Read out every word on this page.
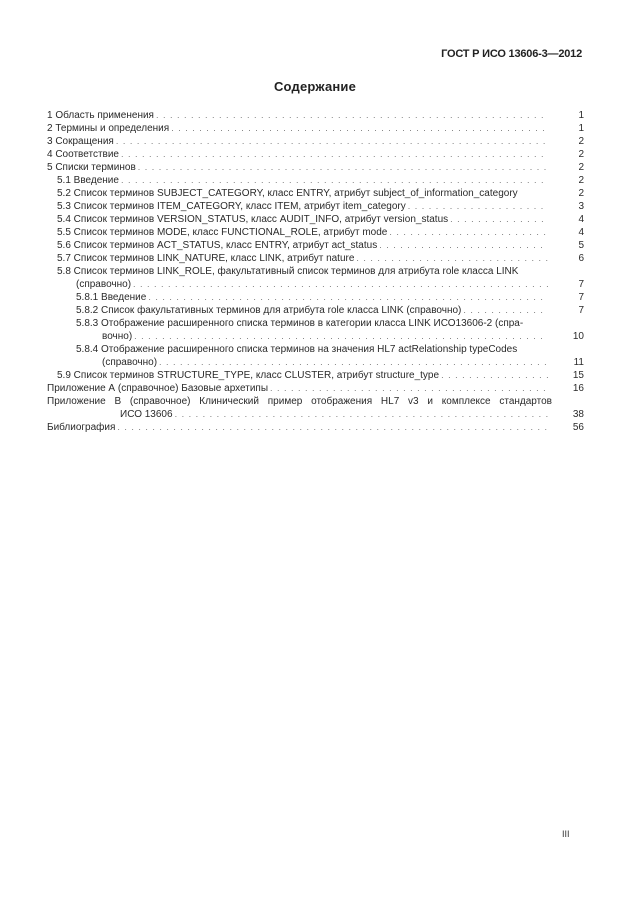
ГОСТ Р ИСО 13606-3—2012
Содержание
1 Область применения . . .	1
2 Термины и определения . . .	1
3 Сокращения . . .	2
4 Соответствие . . .	2
5 Списки терминов . . .	2
5.1 Введение . . .	2
5.2 Список терминов SUBJECT_CATEGORY, класс ENTRY, атрибут subject_of_information_category	2
5.3 Список терминов ITEM_CATEGORY, класс ITEM, атрибут item_category . . .	3
5.4 Список терминов VERSION_STATUS, класс AUDIT_INFO, атрибут version_status . . .	4
5.5 Список терминов MODE, класс FUNCTIONAL_ROLE, атрибут mode . . .	4
5.6 Список терминов ACT_STATUS, класс ENTRY, атрибут act_status . . .	5
5.7 Список терминов LINK_NATURE, класс LINK, атрибут nature . . .	6
5.8 Список терминов LINK_ROLE, факультативный список терминов для атрибута role класса LINK
(справочно) . . .	7
5.8.1 Введение . . .	7
5.8.2 Список факультативных терминов для атрибута role класса LINK (справочно) . . .	7
5.8.3 Отображение расширенного списка терминов в категории класса LINK ИСО13606-2 (спра-
вочно) . . .	10
5.8.4 Отображение расширенного списка терминов на значения HL7 actRelationship typeCodes
(справочно) . . .	11
5.9 Список терминов STRUCTURE_TYPE, класс CLUSTER, атрибут structure_type . . .	15
Приложение А (справочное) Базовые архетипы . . .	16
Приложение В (справочное) Клинический пример отображения HL7 v3 и комплексе стандартов
ИСО 13606 . . .	38
Библиография . . .	56
III
